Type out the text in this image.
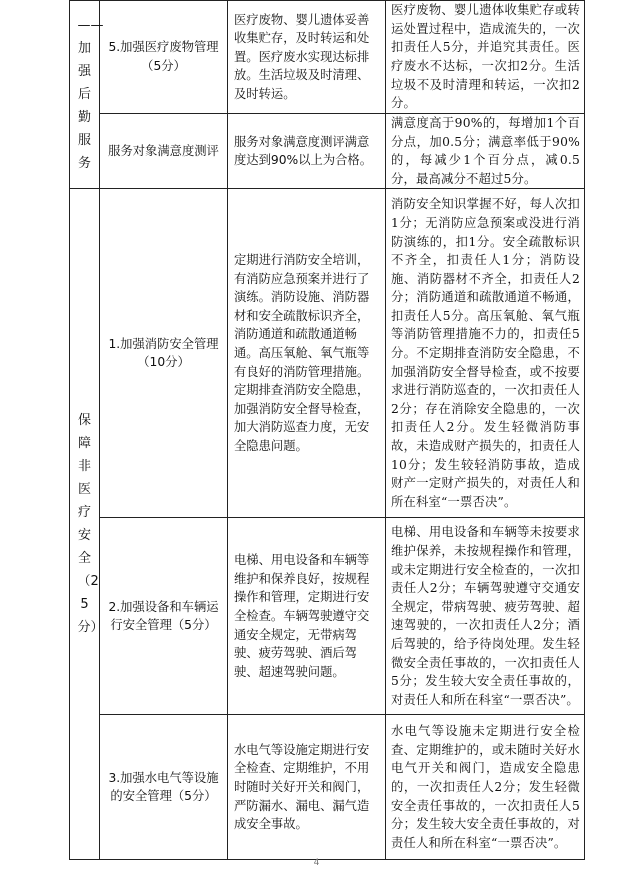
——加强后勤服务	5.加强医疗废物管理（5分）	医疗废物、婴儿遗体妥善收集贮存，及时转运和处置。医疗废水实现达标排放。生活垃圾及时清理、及时转运。	医疗废物、婴儿遗体收集贮存或转运处置过程中，造成流失的，一次扣责任人5分，并追究其责任。医疗废水不达标，一次扣2分。生活垃圾不及时清理和转运，一次扣2分。
	服务对象满意度测评	服务对象满意度测评满意度达到90%以上为合格。	满意度高于90%的，每增加1个百分点，加0.5分；满意率低于90%的，每减少1个百分点，减0.5分，最高减分不超过5分。

保障非医疗安全（25分）	1.加强消防安全管理（10分）	定期进行消防安全培训，有消防应急预案并进行了演练。消防设施、消防器材和安全疏散标识齐全，消防通道和疏散通道畅通。高压氧舱、氧气瓶等有良好的消防管理措施。定期排查消防安全隐患，加强消防安全督导检查，加大消防巡查力度，无安全隐患问题。	消防安全知识掌握不好，每人次扣1分；无消防应急预案或没进行消防演练的，扣1分。安全疏散标识不齐全，扣责任人1分；消防设施、消防器材不齐全，扣责任人2分；消防通道和疏散通道不畅通，扣责任人5分。高压氧舱、氧气瓶等消防管理措施不力的，扣责任5分。不定期排查消防安全隐患，不加强消防安全督导检查，或不按要求进行消防巡查的，一次扣责任人2分；存在消除安全隐患的，一次扣责任人2分。发生轻微消防事故，未造成财产损失的，扣责任人10分；发生较轻消防事故，造成财产一定财产损失的，对责任人和所在科室“一票否决”。
	2.加强设备和车辆运行安全管理（5分）	电梯、用电设备和车辆等维护和保养良好，按规程操作和管理，定期进行安全检查。车辆驾驶遵守交通安全规定，无带病驾驶、疲劳驾驶、酒后驾驶、超速驾驶问题。	电梯、用电设备和车辆等未按要求维护保养，未按规程操作和管理，或未定期进行安全检查的，一次扣责任人2分；车辆驾驶遵守交通安全规定，带病驾驶、疲劳驾驶、超速驾驶的，一次扣责任人2分；酒后驾驶的，给予待岗处理。发生轻微安全责任事故的，一次扣责任人5分；发生较大安全责任事故的，对责任人和所在科室“一票否决”。
	3.加强水电气等设施的安全管理（5分）	水电气等设施定期进行安全检查、定期维护，不用时随时关好开关和阀门，严防漏水、漏电、漏气造成安全事故。	水电气等设施未定期进行安全检查、定期维护的，或未随时关好水电气开关和阀门，造成安全隐患的，一次扣责任人2分；发生轻微安全责任事故的，一次扣责任人5分；发生较大安全责任事故的，对责任人和所在科室“一票否决”。
4
